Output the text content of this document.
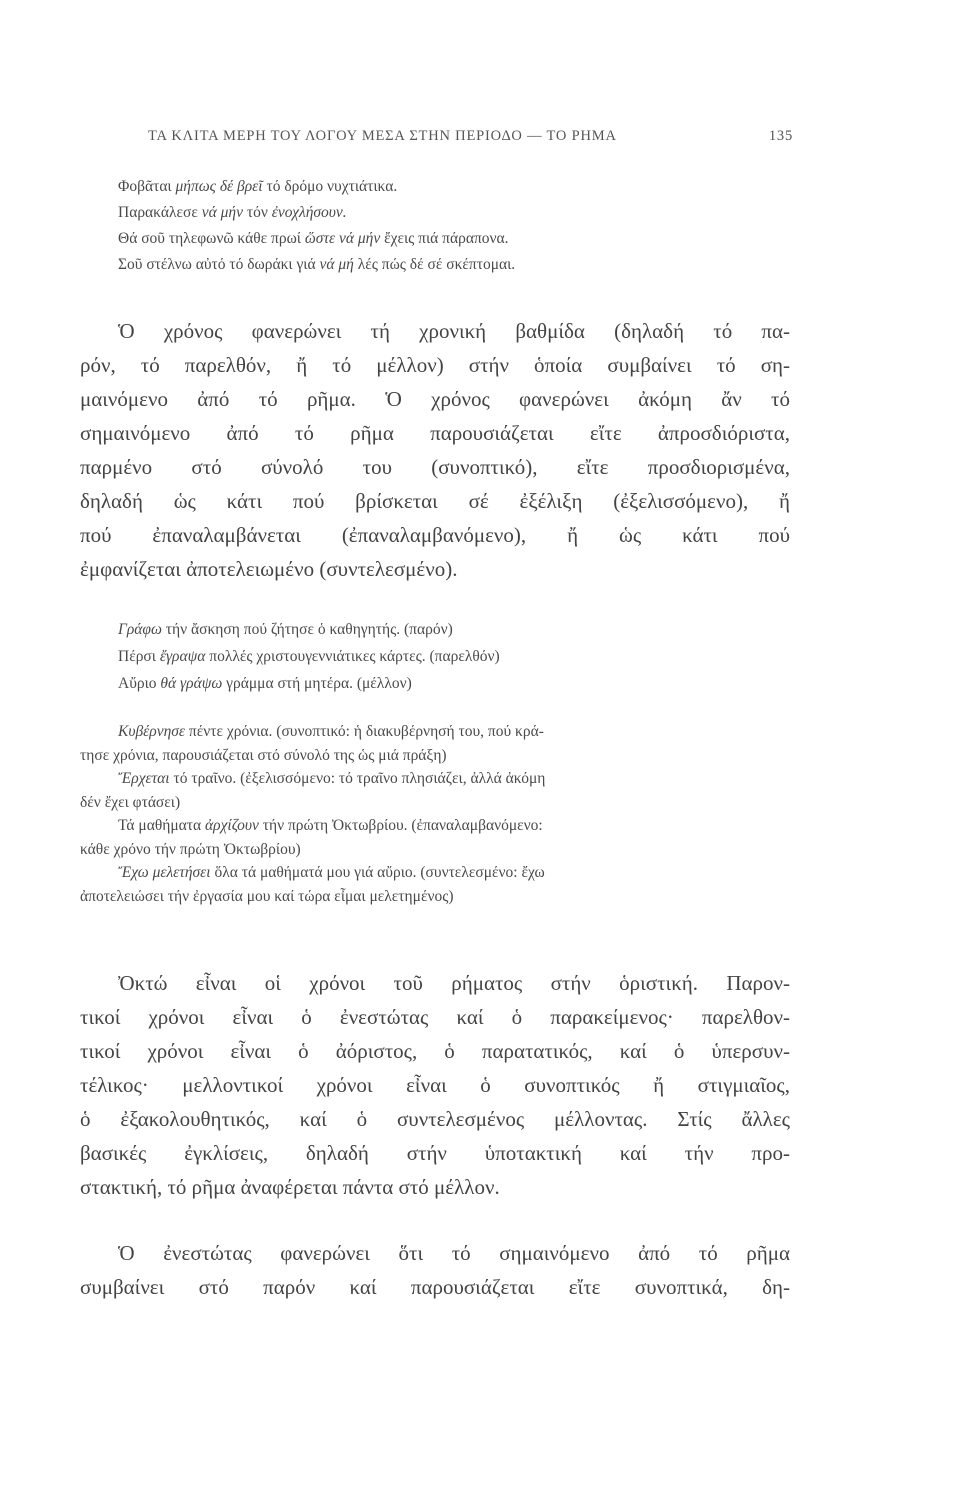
ΤΑ ΚΛΙΤΑ ΜΕΡΗ ΤΟΥ ΛΟΓΟΥ ΜΕΣΑ ΣΤΗΝ ΠΕΡΙΟΔΟ — ΤΟ ΡΗΜΑ	135
Φοβᾶται μήπως δέ βρεῖ τό δρόμο νυχτιάτικα.
Παρακάλεσε νά μήν τόν ἐνοχλήσουν.
Θά σοῦ τηλεφωνῶ κάθε πρωί ὥστε νά μήν ἔχεις πιά πάραπονα.
Σοῦ στέλνω αὐτό τό δωράκι γιά νά μή λές πώς δέ σέ σκέπτομαι.
Ὁ χρόνος φανερώνει τή χρονική βαθμίδα (δηλαδή τό πα-
ρόν, τό παρελθόν, ἤ τό μέλλον) στήν ὁποία συμβαίνει τό ση-
μαινόμενο ἀπό τό ρῆμα. Ὁ χρόνος φανερώνει ἀκόμη ἄν τό
σημαινόμενο ἀπό τό ρῆμα παρουσιάζεται εἴτε ἀπροσδιόριστα,
παρμένο στό σύνολό του (συνοπτικό), εἴτε προσδιορισμένα,
δηλαδή ὡς κάτι πού βρίσκεται σέ ἐξέλιξη (ἐξελισσόμενο), ἤ
πού ἐπαναλαμβάνεται (ἐπαναλαμβανόμενο), ἤ ὡς κάτι πού
ἐμφανίζεται ἀποτελειωμένο (συντελεσμένο).
Γράφω τήν ἄσκηση πού ζήτησε ὁ καθηγητής. (παρόν)
Πέρσι ἔγραψα πολλές χριστουγεννιάτικες κάρτες. (παρελθόν)
Αὔριο θά γράψω γράμμα στή μητέρα. (μέλλον)
Κυβέρνησε πέντε χρόνια. (συνοπτικό: ἡ διακυβέρνησή του, πού κρά-
τησε χρόνια, παρουσιάζεται στό σύνολό της ὡς μιά πράξη)
Ἔρχεται τό τραῖνο. (ἐξελισσόμενο: τό τραῖνο πλησιάζει, ἀλλά ἀκόμη
δέν ἔχει φτάσει)
Τά μαθήματα ἀρχίζουν τήν πρώτη Ὀκτωβρίου. (ἐπαναλαμβανόμενο:
κάθε χρόνο τήν πρώτη Ὀκτωβρίου)
Ἔχω μελετήσει ὅλα τά μαθήματά μου γιά αὔριο. (συντελεσμένο: ἔχω
ἀποτελειώσει τήν ἐργασία μου καί τώρα εἶμαι μελετημένος)
Ὀκτώ εἶναι οἱ χρόνοι τοῦ ρήματος στήν ὁριστική. Παρον-
τικοί χρόνοι εἶναι ὁ ἐνεστώτας καί ὁ παρακείμενος· παρελθον-
τικοί χρόνοι εἶναι ὁ ἀόριστος, ὁ παρατατικός, καί ὁ ὑπερσυν-
τέλικος· μελλοντικοί χρόνοι εἶναι ὁ συνοπτικός ἤ στιγμιαῖος,
ὁ ἐξακολουθητικός, καί ὁ συντελεσμένος μέλλοντας. Στίς ἄλλες
βασικές ἐγκλίσεις, δηλαδή στήν ὑποτακτική καί τήν προ-
στακτική, τό ρῆμα ἀναφέρεται πάντα στό μέλλον.
Ὁ ἐνεστώτας φανερώνει ὅτι τό σημαινόμενο ἀπό τό ρῆμα
συμβαίνει στό παρόν καί παρουσιάζεται εἴτε συνοπτικά, δη-
